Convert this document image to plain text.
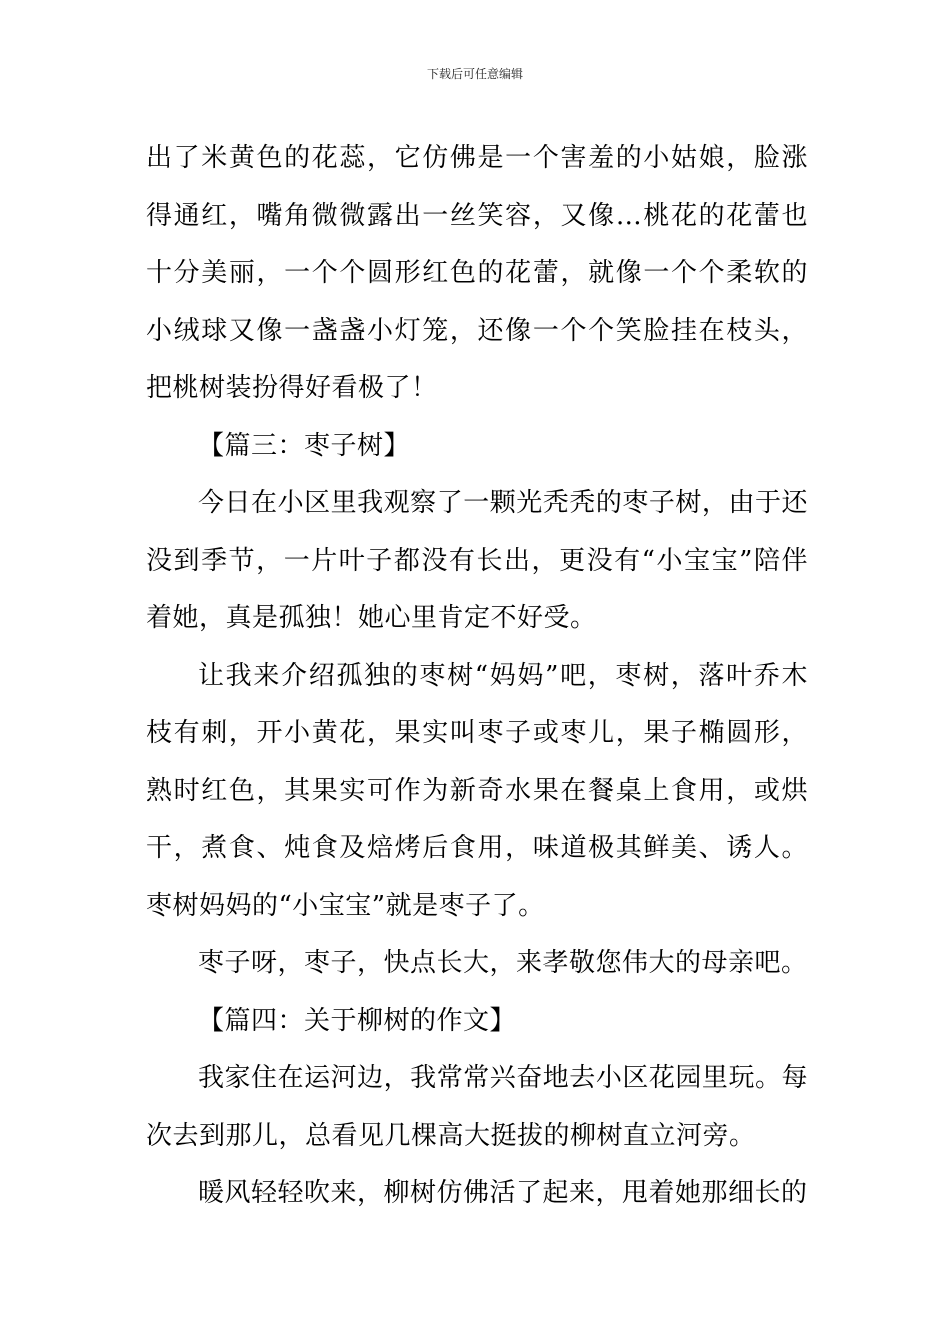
下载后可任意编辑

出了米黄色的花蕊，它仿佛是一个害羞的小姑娘，脸涨得通红，嘴角微微露出一丝笑容，又像…桃花的花蕾也十分美丽，一个个圆形红色的花蕾，就像一个个柔软的小绒球又像一盏盏小灯笼，还像一个个笑脸挂在枝头，把桃树装扮得好看极了！

【篇三：枣子树】

今日在小区里我观察了一颗光秃秃的枣子树，由于还没到季节，一片叶子都没有长出，更没有“小宝宝”陪伴着她，真是孤独！她心里肯定不好受。

让我来介绍孤独的枣树“妈妈”吧，枣树，落叶乔木枝有刺，开小黄花，果实叫枣子或枣儿，果子椭圆形，熟时红色，其果实可作为新奇水果在餐桌上食用，或烘干，煮食、炖食及焙烤后食用，味道极其鲜美、诱人。枣树妈妈的“小宝宝”就是枣子了。

枣子呀，枣子，快点长大，来孝敬您伟大的母亲吧。

【篇四：关于柳树的作文】

我家住在运河边，我常常兴奋地去小区花园里玩。每次去到那儿，总看见几棵高大挺拔的柳树直立河旁。

暖风轻轻吹来，柳树仿佛活了起来，甩着她那细长的
